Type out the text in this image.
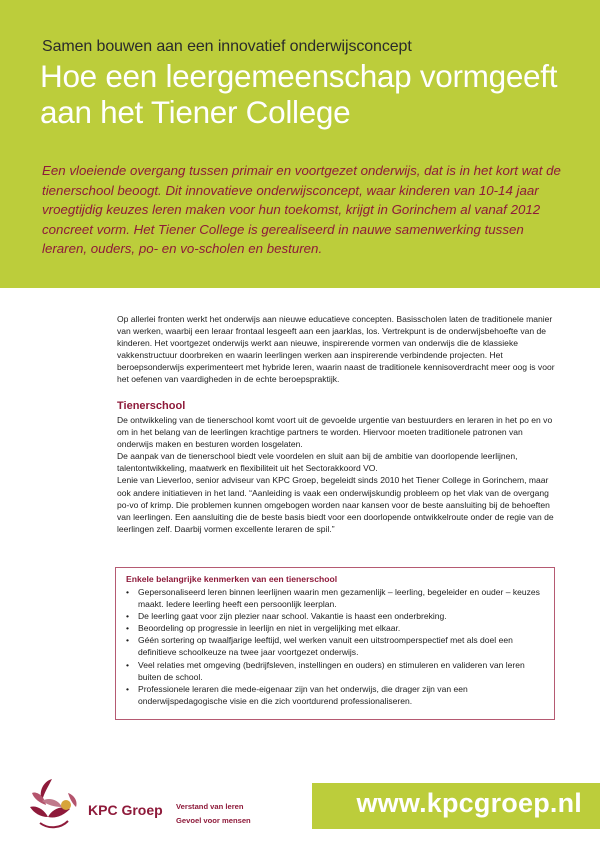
Samen bouwen aan een innovatief onderwijsconcept
Hoe een leergemeenschap vormgeeft aan het Tiener College

Een vloeiende overgang tussen primair en voortgezet onderwijs, dat is in het kort wat de tienerschool beoogt. Dit innovatieve onderwijsconcept, waar kinderen van 10-14 jaar vroegtijdig keuzes leren maken voor hun toekomst, krijgt in Gorinchem al vanaf 2012 concreet vorm. Het Tiener College is gerealiseerd in nauwe samenwerking tussen leraren, ouders, po- en vo-scholen en besturen.

Op allerlei fronten werkt het onderwijs aan nieuwe educatieve concepten. Basisscholen laten de traditionele manier van werken, waarbij een leraar frontaal lesgeeft aan een jaarklas, los. Vertrekpunt is de onderwijsbehoefte van de kinderen. Het voortgezet onderwijs werkt aan nieuwe, inspirerende vormen van onderwijs die de klassieke vakkenstructuur doorbreken en waarin leerlingen werken aan inspirerende verbindende projecten. Het beroepsonderwijs experimenteert met hybride leren, waarin naast de traditionele kennisoverdracht meer oog is voor het oefenen van vaardigheden in de echte beroepspraktijk.

Tienerschool

De ontwikkeling van de tienerschool komt voort uit de gevoelde urgentie van bestuurders en leraren in het po en vo om in het belang van de leerlingen krachtige partners te worden. Hiervoor moeten traditionele patronen van onderwijs maken en besturen worden losgelaten.

De aanpak van de tienerschool biedt vele voordelen en sluit aan bij de ambitie van doorlopende leerlijnen, talentontwikkeling, maatwerk en flexibiliteit uit het Sectorakkoord VO.

Lenie van Lieverloo, senior adviseur van KPC Groep, begeleidt sinds 2010 het Tiener College in Gorinchem, maar ook andere initiatieven in het land. “Aanleiding is vaak een onderwijskundig probleem op het vlak van de overgang po-vo of krimp. Die problemen kunnen omgebogen worden naar kansen voor de beste aansluiting bij de behoeften van leerlingen. Een aansluiting die de beste basis biedt voor een doorlopende ontwikkelroute onder de regie van de leerlingen zelf. Daarbij vormen excellente leraren de spil.”

Enkele belangrijke kenmerken van een tienerschool
• Gepersonaliseerd leren binnen leerlijnen waarin men gezamenlijk – leerling, begeleider en ouder – keuzes maakt. Iedere leerling heeft een persoonlijk leerplan.
• De leerling gaat voor zijn plezier naar school. Vakantie is haast een onderbreking.
• Beoordeling op progressie in leerlijn en niet in vergelijking met elkaar.
• Géén sortering op twaalfjarige leeftijd, wel werken vanuit een uitstroomperspectief met als doel een definitieve schoolkeuze na twee jaar voortgezet onderwijs.
• Veel relaties met omgeving (bedrijfsleven, instellingen en ouders) en stimuleren en valideren van leren buiten de school.
• Professionele leraren die mede-eigenaar zijn van het onderwijs, die drager zijn van een onderwijspedagogische visie en die zich voortdurend professionaliseren.
KPC Groep Verstand van leren
Gevoel voor mensen
www.kpcgroep.nl
